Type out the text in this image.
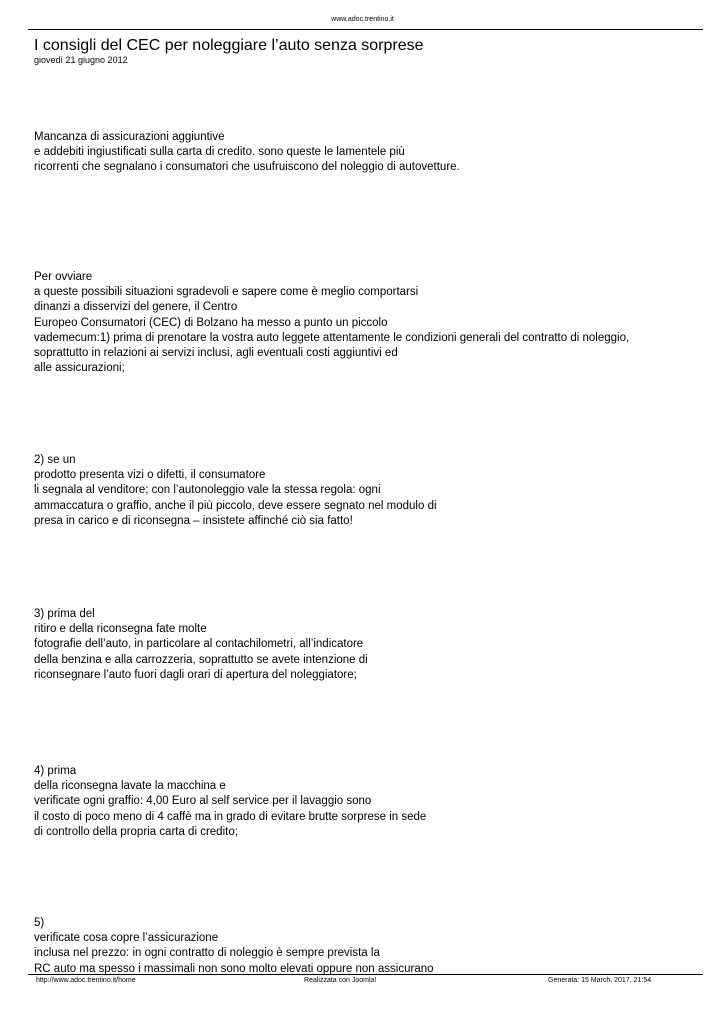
www.adoc.trentino.it
I consigli del CEC per noleggiare l’auto senza sorprese
giovedì 21 giugno 2012
Mancanza di assicurazioni aggiuntive
e addebiti ingiustificati sulla carta di credito. sono queste le lamentele più
ricorrenti che segnalano i consumatori che usufruiscono del noleggio di autovetture.
Per ovviare
a queste possibili situazioni sgradevoli e sapere come è meglio comportarsi
dinanzi a disservizi del genere, il Centro
Europeo Consumatori (CEC) di Bolzano ha messo a punto un piccolo
vademecum:1) prima di prenotare la vostra auto leggete attentamente le condizioni generali del contratto di noleggio,
soprattutto in relazioni ai servizi inclusi, agli eventuali costi aggiuntivi ed
alle assicurazioni;
2) se un
prodotto presenta vizi o difetti, il consumatore
li segnala al venditore; con l’autonoleggio vale la stessa regola: ogni
ammaccatura o graffio, anche il più piccolo, deve essere segnato nel modulo di
presa in carico e di riconsegna – insistete affinché ciò sia fatto!
3) prima del
ritiro e della riconsegna fate molte
fotografie dell’auto, in particolare al contachilometri, all’indicatore
della benzina e alla carrozzeria, soprattutto se avete intenzione di
riconsegnare l’auto fuori dagli orari di apertura del noleggiatore;
4) prima
della riconsegna lavate la macchina e
verificate ogni graffio: 4,00 Euro al self service per il lavaggio sono
il costo di poco meno di 4 caffè ma in grado di evitare brutte sorprese in sede
di controllo della propria carta di credito;
5)
verificate cosa copre l’assicurazione
inclusa nel prezzo: in ogni contratto di noleggio è sempre prevista la
RC auto ma spesso i massimali non sono molto elevati oppure non assicurano
http://www.adoc.trentino.it/home	Realizzata con Joomla!	Generata: 15 March, 2017, 21:54
